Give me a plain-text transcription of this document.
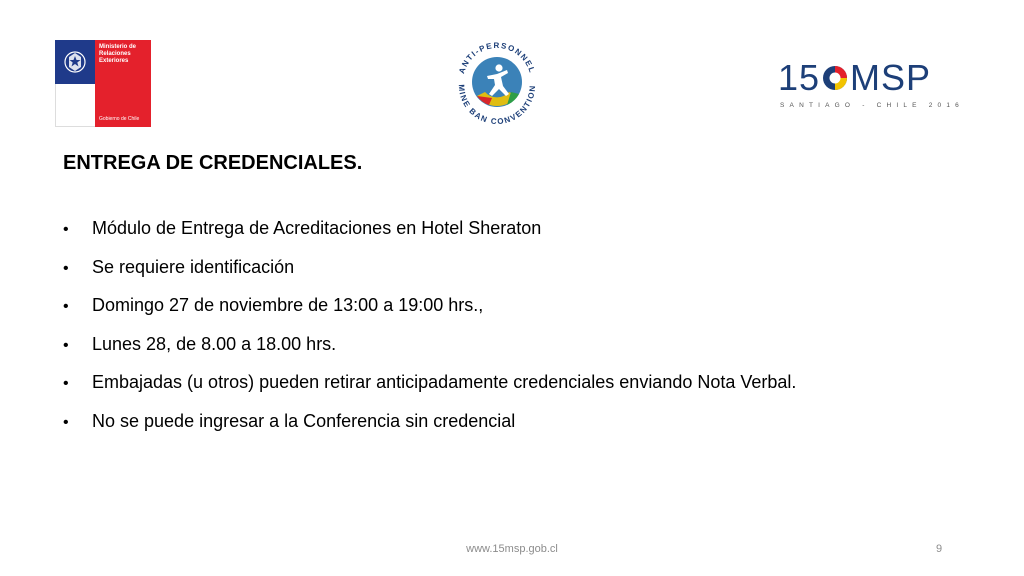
Ministerio de
Relaciones
Exteriores
Gobierno de Chile
ANTI-PERSONNEL
MINE BAN CONVENTION	15 MSP
SANTIAGO - CHILE 2016
ENTREGA DE CREDENCIALES.
•	Módulo de Entrega de Acreditaciones en Hotel Sheraton
•	Se requiere identificación
•	Domingo 27 de noviembre de 13:00 a 19:00 hrs.,
•	Lunes 28, de 8.00 a 18.00 hrs.
•	Embajadas (u otros) pueden retirar anticipadamente credenciales enviando Nota Verbal.
•	No se puede ingresar a la Conferencia sin credencial
www.15msp.gob.cl	9
